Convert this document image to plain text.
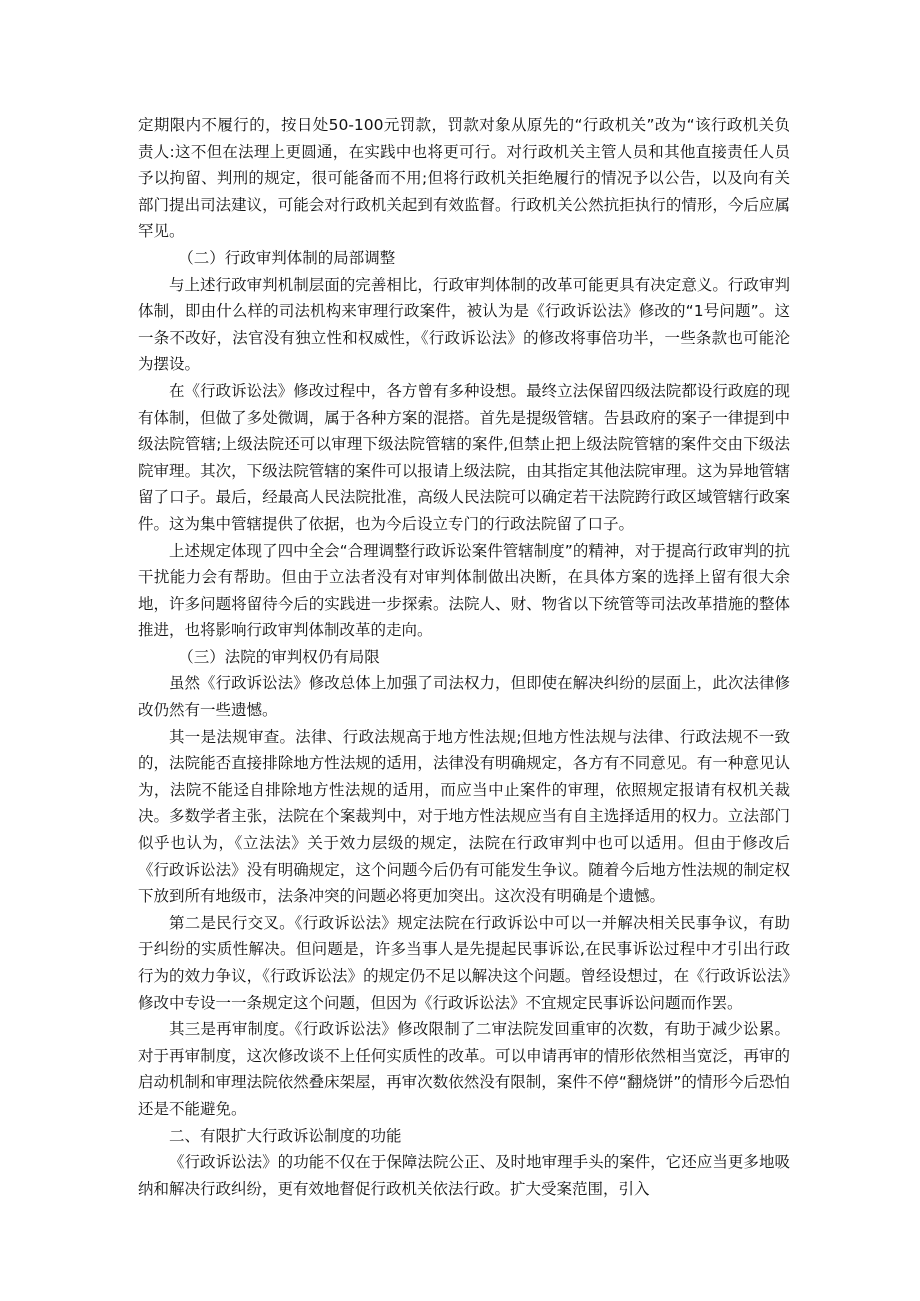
定期限内不履行的，按日处50-100元罚款，罚款对象从原先的“行政机关”改为“该行政机关负责人:这不但在法理上更圆通，在实践中也将更可行。对行政机关主管人员和其他直接责任人员予以拘留、判刑的规定，很可能备而不用;但将行政机关拒绝履行的情况予以公告，以及向有关部门提出司法建议，可能会对行政机关起到有效监督。行政机关公然抗拒执行的情形，今后应属罕见。

（二）行政审判体制的局部调整

与上述行政审判机制层面的完善相比，行政审判体制的改革可能更具有决定意义。行政审判体制，即由什么样的司法机构来审理行政案件，被认为是《行政诉讼法》修改的“1号问题”。这一条不改好，法官没有独立性和权威性，《行政诉讼法》的修改将事倍功半，一些条款也可能沦为摆设。

在《行政诉讼法》修改过程中，各方曾有多种设想。最终立法保留四级法院都设行政庭的现有体制，但做了多处微调，属于各种方案的混搭。首先是提级管辖。告县政府的案子一律提到中级法院管辖;上级法院还可以审理下级法院管辖的案件,但禁止把上级法院管辖的案件交由下级法院审理。其次，下级法院管辖的案件可以报请上级法院，由其指定其他法院审理。这为异地管辖留了口子。最后，经最高人民法院批准，高级人民法院可以确定若干法院跨行政区域管辖行政案件。这为集中管辖提供了依据，也为今后设立专门的行政法院留了口子。

上述规定体现了四中全会“合理调整行政诉讼案件管辖制度”的精神，对于提高行政审判的抗干扰能力会有帮助。但由于立法者没有对审判体制做出决断，在具体方案的选择上留有很大余地，许多问题将留待今后的实践进一步探索。法院人、财、物省以下统管等司法改革措施的整体推进，也将影响行政审判体制改革的走向。

（三）法院的审判权仍有局限

虽然《行政诉讼法》修改总体上加强了司法权力，但即使在解决纠纷的层面上，此次法律修改仍然有一些遗憾。

其一是法规审查。法律、行政法规高于地方性法规;但地方性法规与法律、行政法规不一致的，法院能否直接排除地方性法规的适用，法律没有明确规定，各方有不同意见。有一种意见认为，法院不能迳自排除地方性法规的适用，而应当中止案件的审理，依照规定报请有权机关裁决。多数学者主张，法院在个案裁判中，对于地方性法规应当有自主选择适用的权力。立法部门似乎也认为，《立法法》关于效力层级的规定，法院在行政审判中也可以适用。但由于修改后《行政诉讼法》没有明确规定，这个问题今后仍有可能发生争议。随着今后地方性法规的制定权下放到所有地级市，法条冲突的问题必将更加突出。这次没有明确是个遗憾。

第二是民行交叉。《行政诉讼法》规定法院在行政诉讼中可以一并解决相关民事争议，有助于纠纷的实质性解决。但问题是，许多当事人是先提起民事诉讼,在民事诉讼过程中才引出行政行为的效力争议，《行政诉讼法》的规定仍不足以解决这个问题。曾经设想过，在《行政诉讼法》修改中专设一一条规定这个问题，但因为《行政诉讼法》不宜规定民事诉讼问题而作罢。

其三是再审制度。《行政诉讼法》修改限制了二审法院发回重审的次数，有助于减少讼累。对于再审制度，这次修改谈不上任何实质性的改革。可以申请再审的情形依然相当宽泛，再审的启动机制和审理法院依然叠床架屋，再审次数依然没有限制，案件不停“翻烧饼”的情形今后恐怕还是不能避免。

二、有限扩大行政诉讼制度的功能

《行政诉讼法》的功能不仅在于保障法院公正、及时地审理手头的案件，它还应当更多地吸纳和解决行政纠纷，更有效地督促行政机关依法行政。扩大受案范围，引入
